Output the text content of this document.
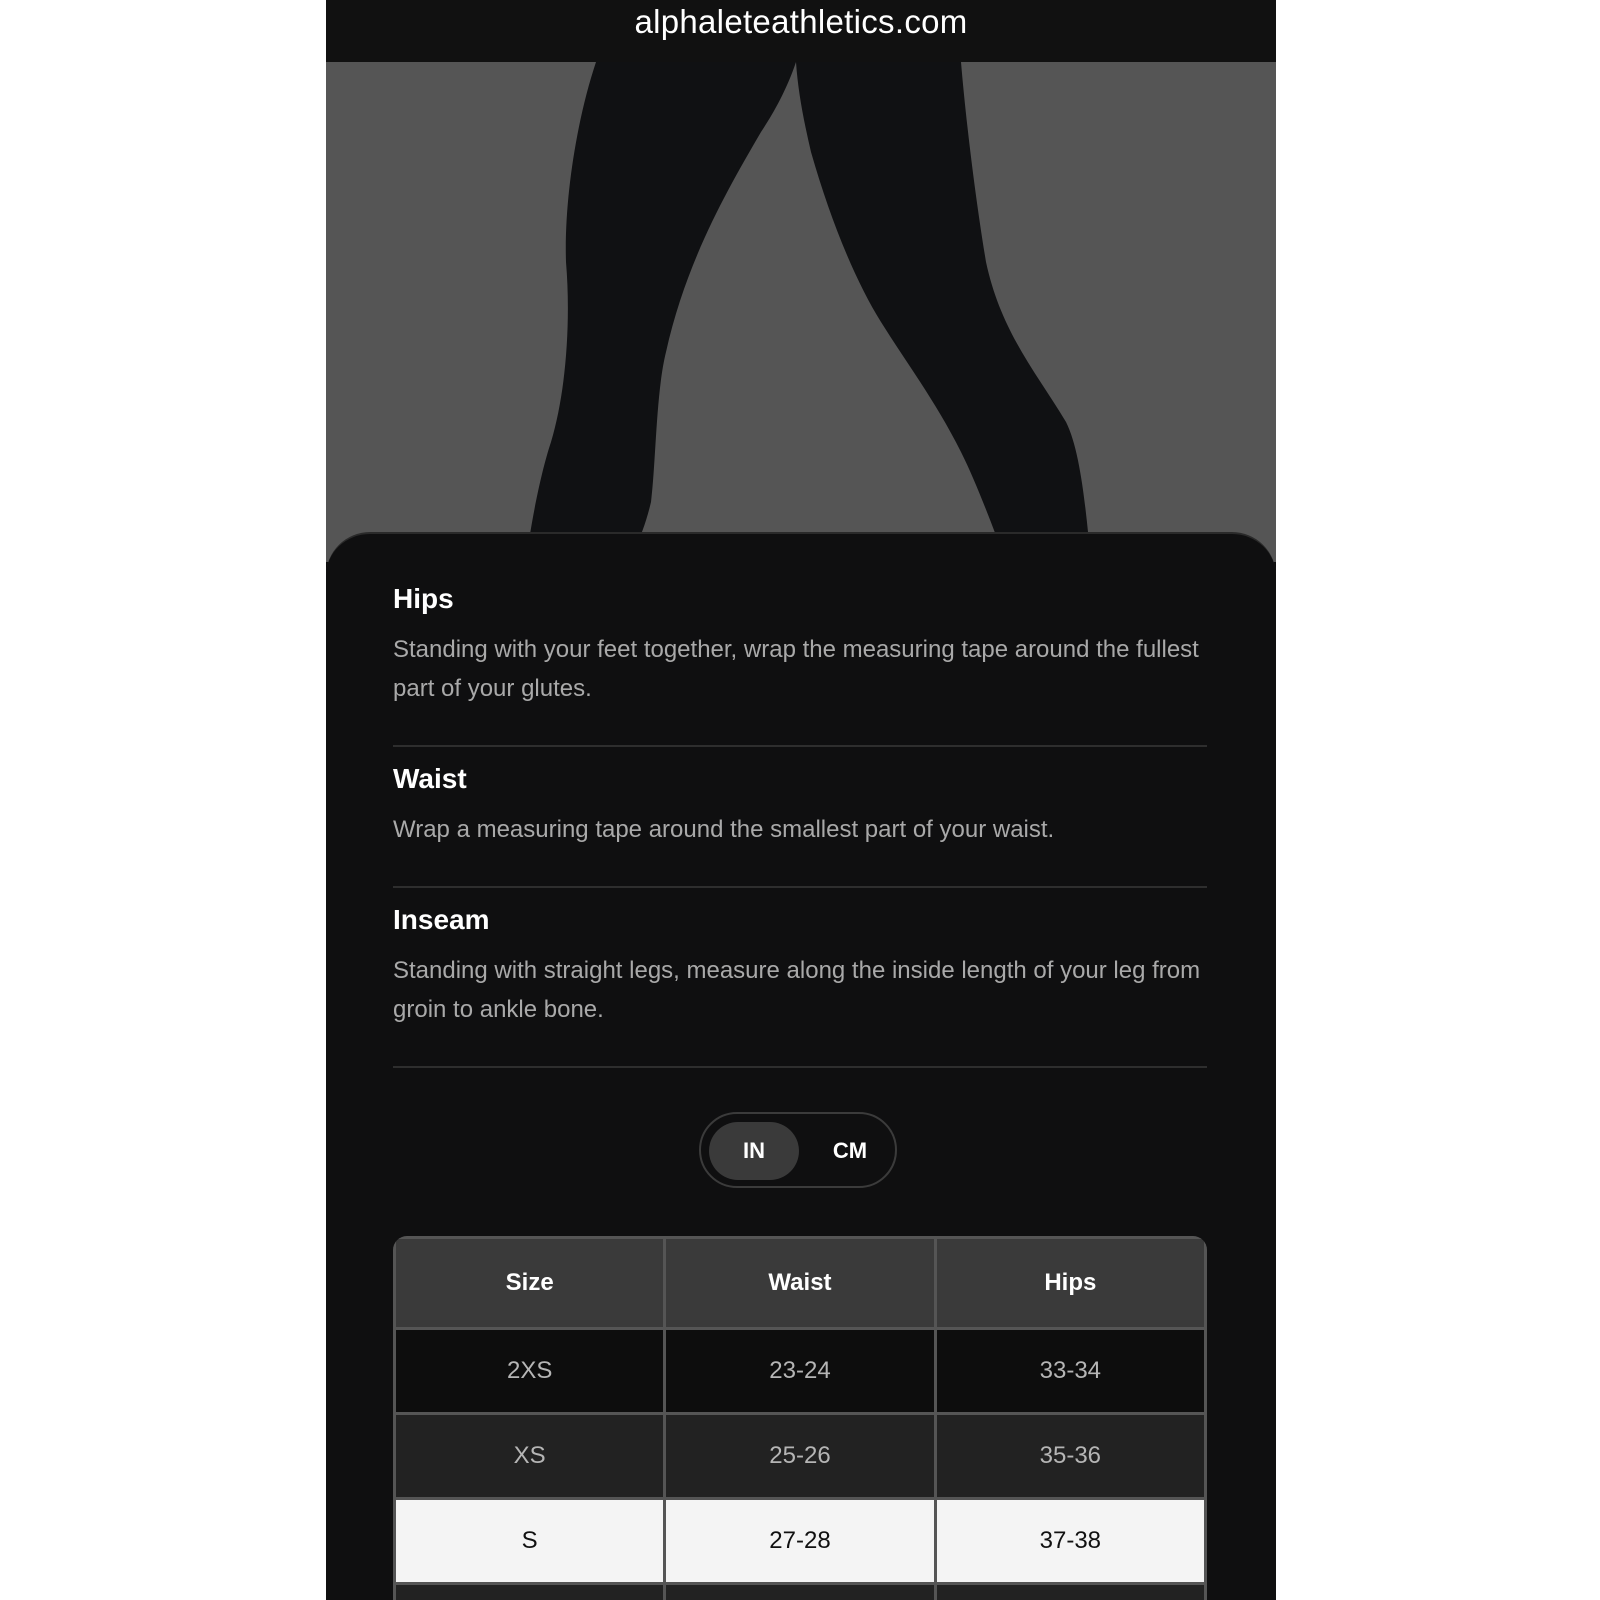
alphaleteathletics.com
Hips

Standing with your feet together, wrap the measuring tape around the fullest part of your glutes.

Waist

Wrap a measuring tape around the smallest part of your waist.

Inseam

Standing with straight legs, measure along the inside length of your leg from groin to ankle bone.

IN	CM
Size	Waist	Hips
2XS	23-24	33-34
XS	25-26	35-36
S	27-28	37-38
